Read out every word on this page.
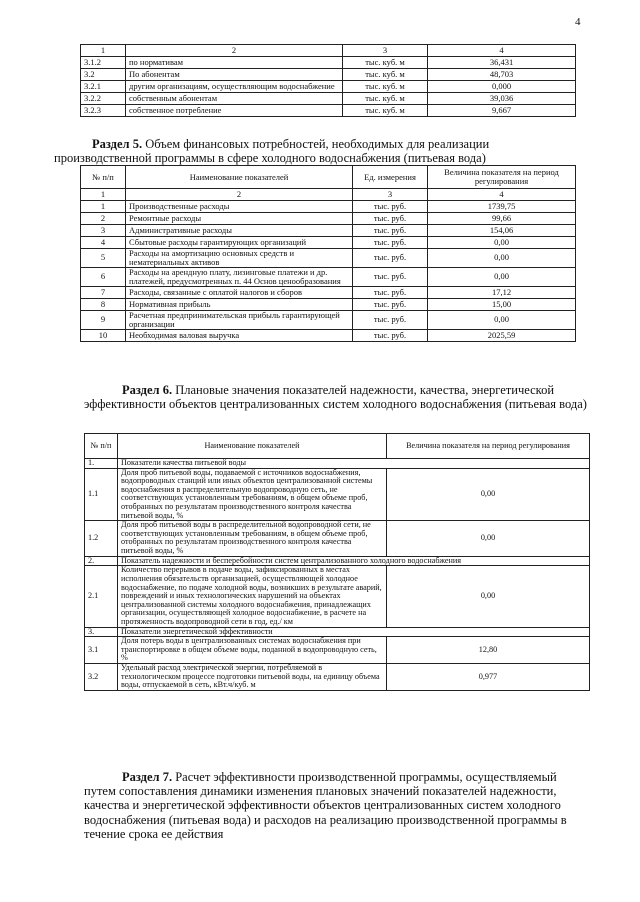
4
1	2	3	4
3.1.2	по нормативам	тыс. куб. м	36,431
3.2	По абонентам	тыс. куб. м	48,703
3.2.1	другим организациям, осуществляющим водоснабжение	тыс. куб. м	0,000
3.2.2	собственным абонентам	тыс. куб. м	39,036
3.2.3	собственное потребление	тыс. куб. м	9,667
Раздел 5. Объем финансовых потребностей, необходимых для реализации производственной программы в сфере холодного водоснабжения (питьевая вода)
№ п/п	Наименование показателей	Ед. измерения	Величина показателя на период регулирования
1	2	3	4
1	Производственные расходы	тыс. руб.	1739,75
2	Ремонтные расходы	тыс. руб.	99,66
3	Административные расходы	тыс. руб.	154,06
4	Сбытовые расходы гарантирующих организаций	тыс. руб.	0,00
5	Расходы на амортизацию основных средств и нематериальных активов	тыс. руб.	0,00
6	Расходы на арендную плату, лизинговые платежи и др. платежей, предусмотренных п. 44 Основ ценообразования	тыс. руб.	0,00
7	Расходы, связанные с оплатой налогов и сборов	тыс. руб.	17,12
8	Нормативная прибыль	тыс. руб.	15,00
9	Расчетная предпринимательская прибыль гарантирующей организации	тыс. руб.	0,00
10	Необходимая валовая выручка	тыс. руб.	2025,59
Раздел 6. Плановые значения показателей надежности, качества, энергетической эффективности объектов централизованных систем холодного водоснабжения (питьевая вода)
№ п/п	Наименование показателей	Величина показателя на период регулирования
1.	Показатели качества питьевой воды	
1.1	Доля проб питьевой воды, подаваемой с источников водоснабжения, водопроводных станций или иных объектов централизованной системы водоснабжения в распределительную водопроводную сеть, не соответствующих установленным требованиям, в общем объеме проб, отобранных по результатам производственного контроля качества питьевой воды, %	0,00
1.2	Доля проб питьевой воды в распределительной водопроводной сети, не соответствующих установленным требованиям, в общем объеме проб, отобранных по результатам производственного контроля качества питьевой воды, %	0,00
2.	Показатель надежности и бесперебойности систем централизованного холодного водоснабжения	
2.1	Количество перерывов в подаче воды, зафиксированных в местах исполнения обязательств организацией, осуществляющей холодное водоснабжение, по подаче холодной воды, возникших в результате аварий, повреждений и иных технологических нарушений на объектах централизованной системы холодного водоснабжения, принадлежащих организации, осуществляющей холодное водоснабжение, в расчете на протяженность водопроводной сети в год, ед./ км	0,00
3.	Показатели энергетической эффективности	
3.1	Доля потерь воды в централизованных системах водоснабжения при транспортировке в общем объеме воды, поданной в водопроводную сеть, %	12,80
3.2	Удельный расход электрической энергии, потребляемой в технологическом процессе подготовки питьевой воды, на единицу объема воды, отпускаемой в сеть, кВт.ч/куб. м	0,977
Раздел 7. Расчет эффективности производственной программы, осуществляемый путем сопоставления динамики изменения плановых значений показателей надежности, качества и энергетической эффективности объектов централизованных систем холодного водоснабжения (питьевая вода) и расходов на реализацию производственной программы в течение срока ее действия
